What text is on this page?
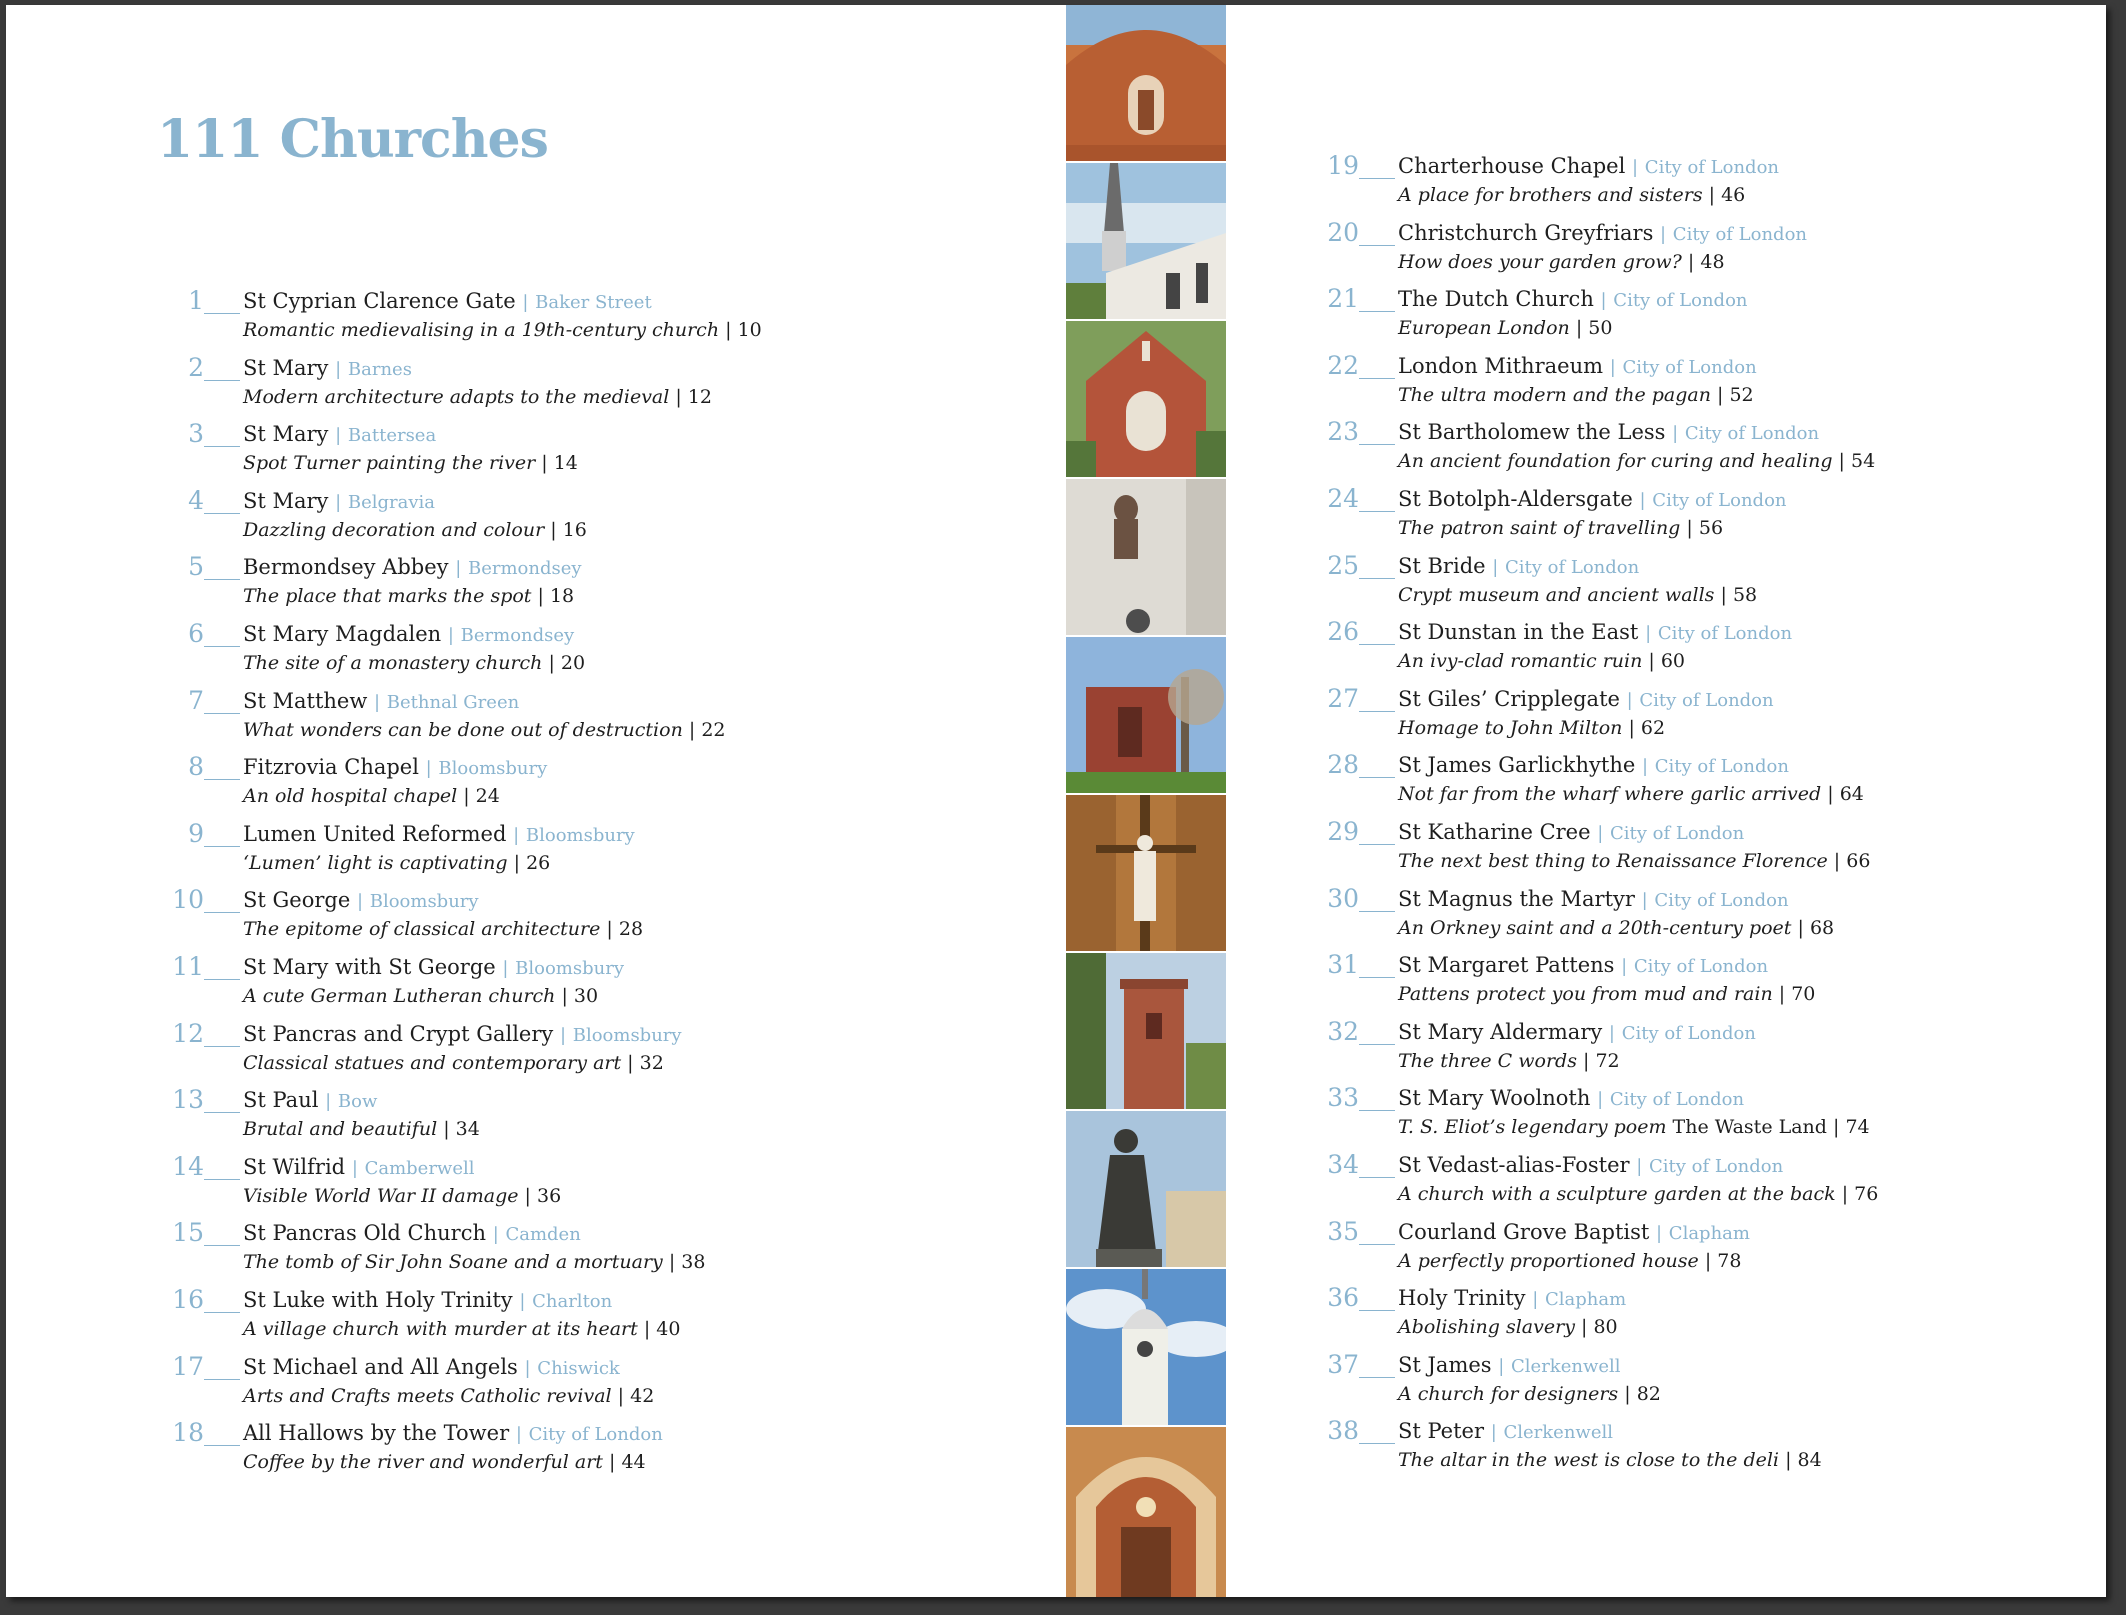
111 Churches
1 St Cyprian Clarence Gate | Baker Street
Romantic medievalising in a 19th-century church | 10
2 St Mary | Barnes
Modern architecture adapts to the medieval | 12
3 St Mary | Battersea
Spot Turner painting the river | 14
4 St Mary | Belgravia
Dazzling decoration and colour | 16
5 Bermondsey Abbey | Bermondsey
The place that marks the spot | 18
6 St Mary Magdalen | Bermondsey
The site of a monastery church | 20
7 St Matthew | Bethnal Green
What wonders can be done out of destruction | 22
8 Fitzrovia Chapel | Bloomsbury
An old hospital chapel | 24
9 Lumen United Reformed | Bloomsbury
‘Lumen’ light is captivating | 26
10 St George | Bloomsbury
The epitome of classical architecture | 28
11 St Mary with St George | Bloomsbury
A cute German Lutheran church | 30
12 St Pancras and Crypt Gallery | Bloomsbury
Classical statues and contemporary art | 32
13 St Paul | Bow
Brutal and beautiful | 34
14 St Wilfrid | Camberwell
Visible World War II damage | 36
15 St Pancras Old Church | Camden
The tomb of Sir John Soane and a mortuary | 38
16 St Luke with Holy Trinity | Charlton
A village church with murder at its heart | 40
17 St Michael and All Angels | Chiswick
Arts and Crafts meets Catholic revival | 42
18 All Hallows by the Tower | City of London
Coffee by the river and wonderful art | 44
19 Charterhouse Chapel | City of London
A place for brothers and sisters | 46
20 Christchurch Greyfriars | City of London
How does your garden grow? | 48
21 The Dutch Church | City of London
European London | 50
22 London Mithraeum | City of London
The ultra modern and the pagan | 52
23 St Bartholomew the Less | City of London
An ancient foundation for curing and healing | 54
24 St Botolph-Aldersgate | City of London
The patron saint of travelling | 56
25 St Bride | City of London
Crypt museum and ancient walls | 58
26 St Dunstan in the East | City of London
An ivy-clad romantic ruin | 60
27 St Giles’ Cripplegate | City of London
Homage to John Milton | 62
28 St James Garlickhythe | City of London
Not far from the wharf where garlic arrived | 64
29 St Katharine Cree | City of London
The next best thing to Renaissance Florence | 66
30 St Magnus the Martyr | City of London
An Orkney saint and a 20th-century poet | 68
31 St Margaret Pattens | City of London
Pattens protect you from mud and rain | 70
32 St Mary Aldermary | City of London
The three C words | 72
33 St Mary Woolnoth | City of London
T. S. Eliot’s legendary poem The Waste Land | 74
34 St Vedast-alias-Foster | City of London
A church with a sculpture garden at the back | 76
35 Courland Grove Baptist | Clapham
A perfectly proportioned house | 78
36 Holy Trinity | Clapham
Abolishing slavery | 80
37 St James | Clerkenwell
A church for designers | 82
38 St Peter | Clerkenwell
The altar in the west is close to the deli | 84
